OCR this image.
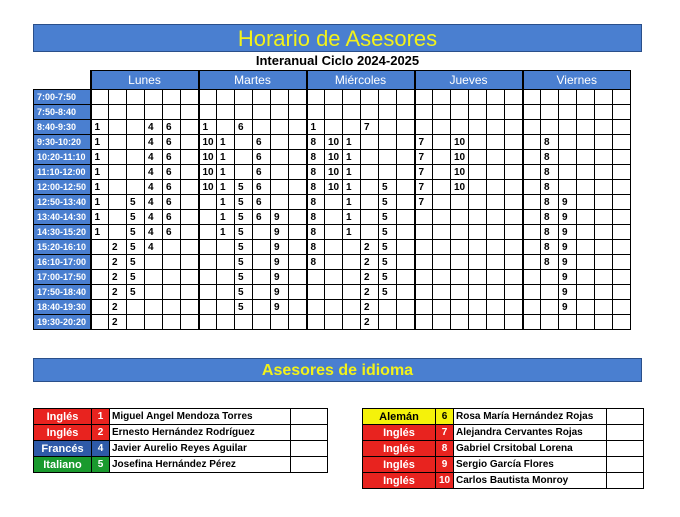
Horario de Asesores
Interanual Ciclo 2024-2025
	Lunes						Martes						Miércoles						Jueves						Viernes					
7:00-7:50																														
7:50-8:40																														
8:40-9:30	1			4	6		1		6				1			7														
9:30-10:20	1			4	6		10	1		6			8	10	1				7		10					8				
10:20-11:10	1			4	6		10	1		6			8	10	1				7		10					8				
11:10-12:00	1			4	6		10	1		6			8	10	1				7		10					8				
12:00-12:50	1			4	6		10	1	5	6			8	10	1		5		7		10					8				
12:50-13:40	1		5	4	6			1	5	6			8		1		5		7							8	9			
13:40-14:30	1		5	4	6			1	5	6	9		8		1		5									8	9			
14:30-15:20	1		5	4	6			1	5		9		8		1		5									8	9			
15:20-16:10		2	5	4					5		9		8			2	5									8	9			
16:10-17:00		2	5						5		9		8			2	5									8	9			
17:00-17:50		2	5						5		9					2	5										9			
17:50-18:40		2	5						5		9					2	5										9			
18:40-19:30		2							5		9					2											9			
19:30-20:20		2														2														
Asesores de idioma
Inglés	1	Miguel Angel Mendoza Torres	
Inglés	2	Ernesto Hernández Rodríguez	
Francés	4	Javier Aurelio Reyes Aguilar	
Italiano	5	Josefina Hernández Pérez	
Alemán	6	Rosa María Hernández Rojas	
Inglés	7	Alejandra Cervantes Rojas	
Inglés	8	Gabriel Crsitobal Lorena	
Inglés	9	Sergio García Flores	
Inglés	10	Carlos Bautista Monroy	
